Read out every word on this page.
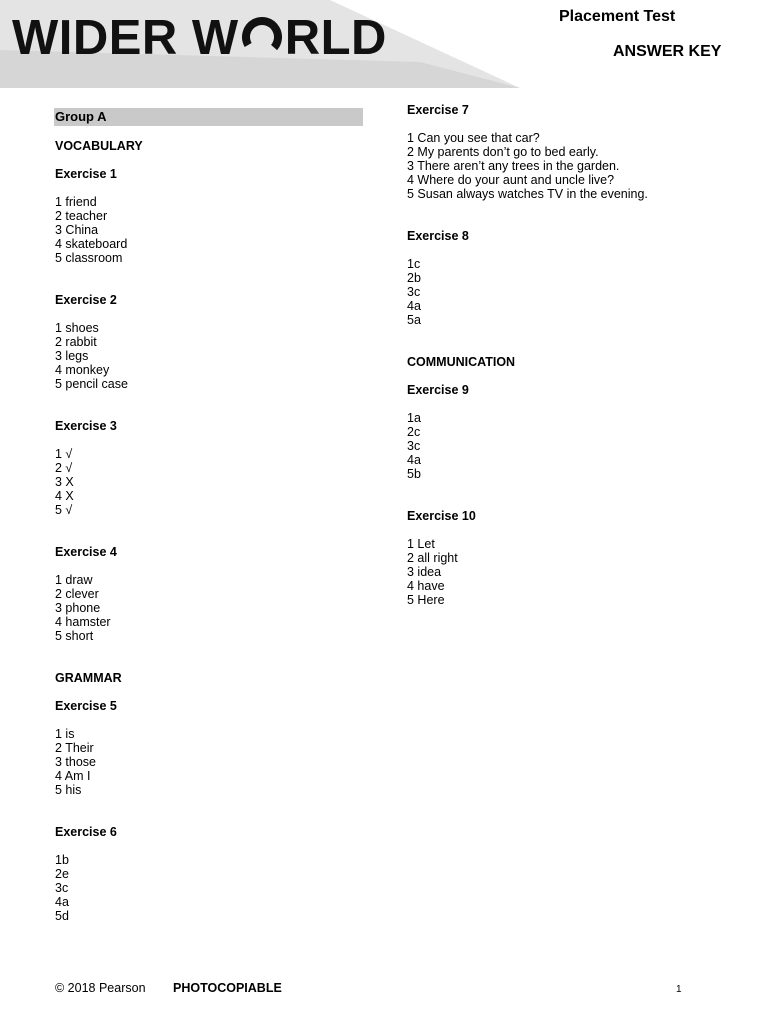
WIDER W RLD	Placement Test
ANSWER KEY
Group A
VOCABULARY
Exercise 1
1 friend
2 teacher
3 China
4 skateboard
5 classroom
Exercise 2
1 shoes
2 rabbit
3 legs
4 monkey
5 pencil case
Exercise 3
1 √
2 √
3 X
4 X
5 √
Exercise 4
1 draw
2 clever
3 phone
4 hamster
5 short
GRAMMAR
Exercise 5
1 is
2 Their
3 those
4 Am I
5 his
Exercise 6
1b
2e
3c
4a
5d
Exercise 7
1 Can you see that car?
2 My parents don’t go to bed early.
3 There aren’t any trees in the garden.
4 Where do your aunt and uncle live?
5 Susan always watches TV in the evening.
Exercise 8
1c
2b
3c
4a
5a
COMMUNICATION
Exercise 9
1a
2c
3c
4a
5b
Exercise 10
1 Let
2 all right
3 idea
4 have
5 Here
© 2018 Pearson PHOTOCOPIABLE	1
